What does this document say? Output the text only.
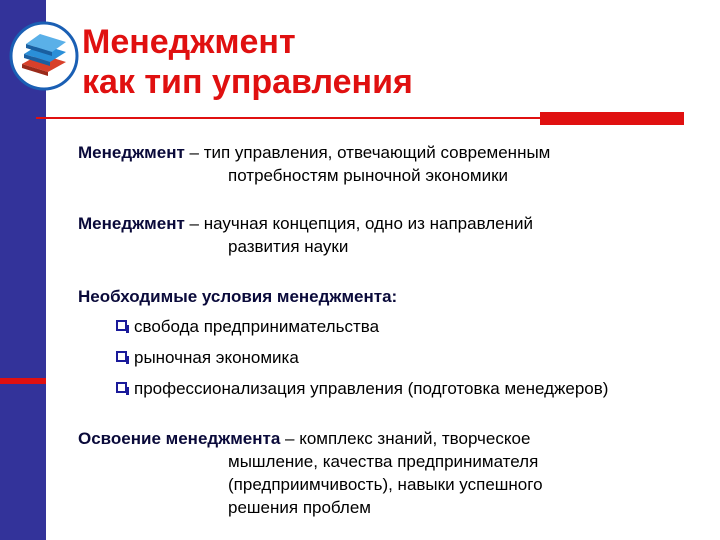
Менеджмент
как тип управления
Менеджмент – тип управления, отвечающий современным
потребностям рыночной экономики
Менеджмент – научная концепция, одно из направлений
развития науки
Необходимые условия менеджмента:
свобода предпринимательства
рыночная экономика
профессионализация управления (подготовка менеджеров)
Освоение менеджмента – комплекс знаний, творческое
мышление, качества предпринимателя
(предприимчивость), навыки успешного
решения проблем
